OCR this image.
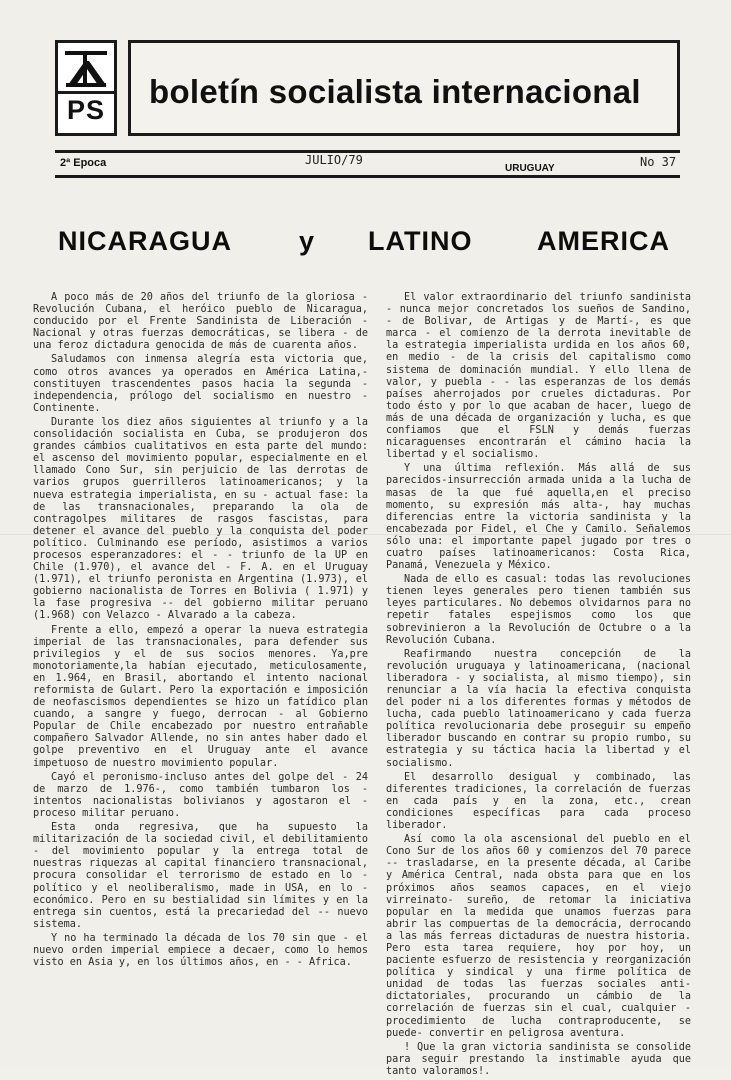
PS boletín socialista internacional
2ª Epoca	JULIO/79
URUGUAY	No 37
NICARAGUA y LATINO AMERICA

A poco más de 20 años del triunfo de la gloriosa - Revolución Cubana, el heróico pueblo de Nicaragua, conducido por el Frente Sandinista de Liberación - Nacional y otras fuerzas democráticas, se libera - de una feroz dictadura genocida de más de cuarenta años.

Saludamos con inmensa alegría esta victoria que, como otros avances ya operados en América Latina,- constituyen trascendentes pasos hacia la segunda - independencia, prólogo del socialismo en nuestro - Continente.

Durante los diez años siguientes al triunfo y a la consolidación socialista en Cuba, se produjeron dos grandes cámbios cualitativos en esta parte del mundo: el ascenso del movimiento popular, especialmente en el llamado Cono Sur, sin perjuicio de las derrotas de varios grupos guerrilleros latinoamericanos; y la nueva estrategia imperialista, en su - actual fase: la de las transnacionales, preparando la ola de contragolpes militares de rasgos fascistas, para detener el avance del pueblo y la conquista del poder político. Culminando ese período, asistimos a varios procesos esperanzadores: el - - triunfo de la UP en Chile (1.970), el avance del - F. A. en el Uruguay (1.971), el triunfo peronista en Argentina (1.973), el gobierno nacionalista de Torres en Bolivia ( 1.971) y la fase progresiva -- del gobierno militar peruano (1.968) con Velazco - Alvarado a la cabeza.

Frente a ello, empezó a operar la nueva estrategia imperial de las transnacionales, para defender sus privilegios y el de sus socios menores. Ya,pre monotoriamente,la habían ejecutado, meticulosamente, en 1.964, en Brasil, abortando el intento nacional reformista de Gulart. Pero la exportación e imposición de neofascismos dependientes se hizo un fatídico plan cuando, a sangre y fuego, derrocan - al Gobierno Popular de Chile encabezado por nuestro entrañable compañero Salvador Allende, no sin antes haber dado el golpe preventivo en el Uruguay ante el avance impetuoso de nuestro movimiento popular.

Cayó el peronismo-incluso antes del golpe del - 24 de marzo de 1.976-, como también tumbaron los - intentos nacionalistas bolivianos y agostaron el - proceso militar peruano.

Esta onda regresiva, que ha supuesto la militarización de la sociedad civil, el debilitamiento - del movimiento popular y la entrega total de nuestras riquezas al capital financiero transnacional, procura consolidar el terrorismo de estado en lo - político y el neoliberalismo, made in USA, en lo - económico. Pero en su bestialidad sin límites y en la entrega sin cuentos, está la precariedad del -- nuevo sistema.

Y no ha terminado la década de los 70 sin que - el nuevo orden imperial empiece a decaer, como lo hemos visto en Asia y, en los últimos años, en - - Africa.

El valor extraordinario del triunfo sandinista - nunca mejor concretados los sueños de Sandino, - de Bolivar, de Artigas y de Martí-, es que marca - el comienzo de la derrota inevitable de la estrategia imperialista urdida en los años 60, en medio - de la crisis del capitalismo como sistema de dominación mundial. Y ello llena de valor, y puebla - - las esperanzas de los demás países aherrojados por crueles dictaduras. Por todo ésto y por lo que acaban de hacer, luego de más de una década de organización y lucha, es que confiamos que el FSLN y demás fuerzas nicaraguenses encontrarán el cámino hacia la libertad y el socialismo.

Y una última reflexión. Más allá de sus parecidos-insurrección armada unida a la lucha de masas de la que fué aquella,en el preciso momento, su expresión más alta-, hay muchas diferencias entre la victoria sandinista y la encabezada por Fidel, el Che y Camilo. Señalemos sólo una: el importante papel jugado por tres o cuatro países latinoamericanos: Costa Rica, Panamá, Venezuela y México.

Nada de ello es casual: todas las revoluciones tienen leyes generales pero tienen también sus leyes particulares. No debemos olvidarnos para no repetir fatales espejismos como los que sobrevinieron a la Revolución de Octubre o a la Revolución Cubana.

Reafirmando nuestra concepción de la revolución uruguaya y latinoamericana, (nacional liberadora - y socialista, al mismo tiempo), sin renunciar a la vía hacia la efectiva conquista del poder ni a los diferentes formas y métodos de lucha, cada pueblo latinoamericano y cada fuerza política revolucionaria debe proseguir su empeño liberador buscando en contrar su propio rumbo, su estrategia y su táctica hacia la libertad y el socialismo.

El desarrollo desigual y combinado, las diferentes tradiciones, la correlación de fuerzas en cada país y en la zona, etc., crean condiciones específicas para cada proceso liberador.

Así como la ola ascensional del pueblo en el Cono Sur de los años 60 y comienzos del 70 parece -- trasladarse, en la presente década, al Caribe y América Central, nada obsta para que en los próximos años seamos capaces, en el viejo virreinato- sureño, de retomar la iniciativa popular en la medida que unamos fuerzas para abrir las compuertas de la democrácia, derrocando a las más ferreas dictaduras de nuestra historia. Pero esta tarea requiere, hoy por hoy, un paciente esfuerzo de resistencia y reorganización política y sindical y una firme política de unidad de todas las fuerzas sociales anti-dictatoriales, procurando un cámbio de la correlación de fuerzas sin el cual, cualquier - procedimiento de lucha contraproducente, se puede- convertir en peligrosa aventura.

! Que la gran victoria sandinista se consolide para seguir prestando la instimable ayuda que tanto valoramos!.
